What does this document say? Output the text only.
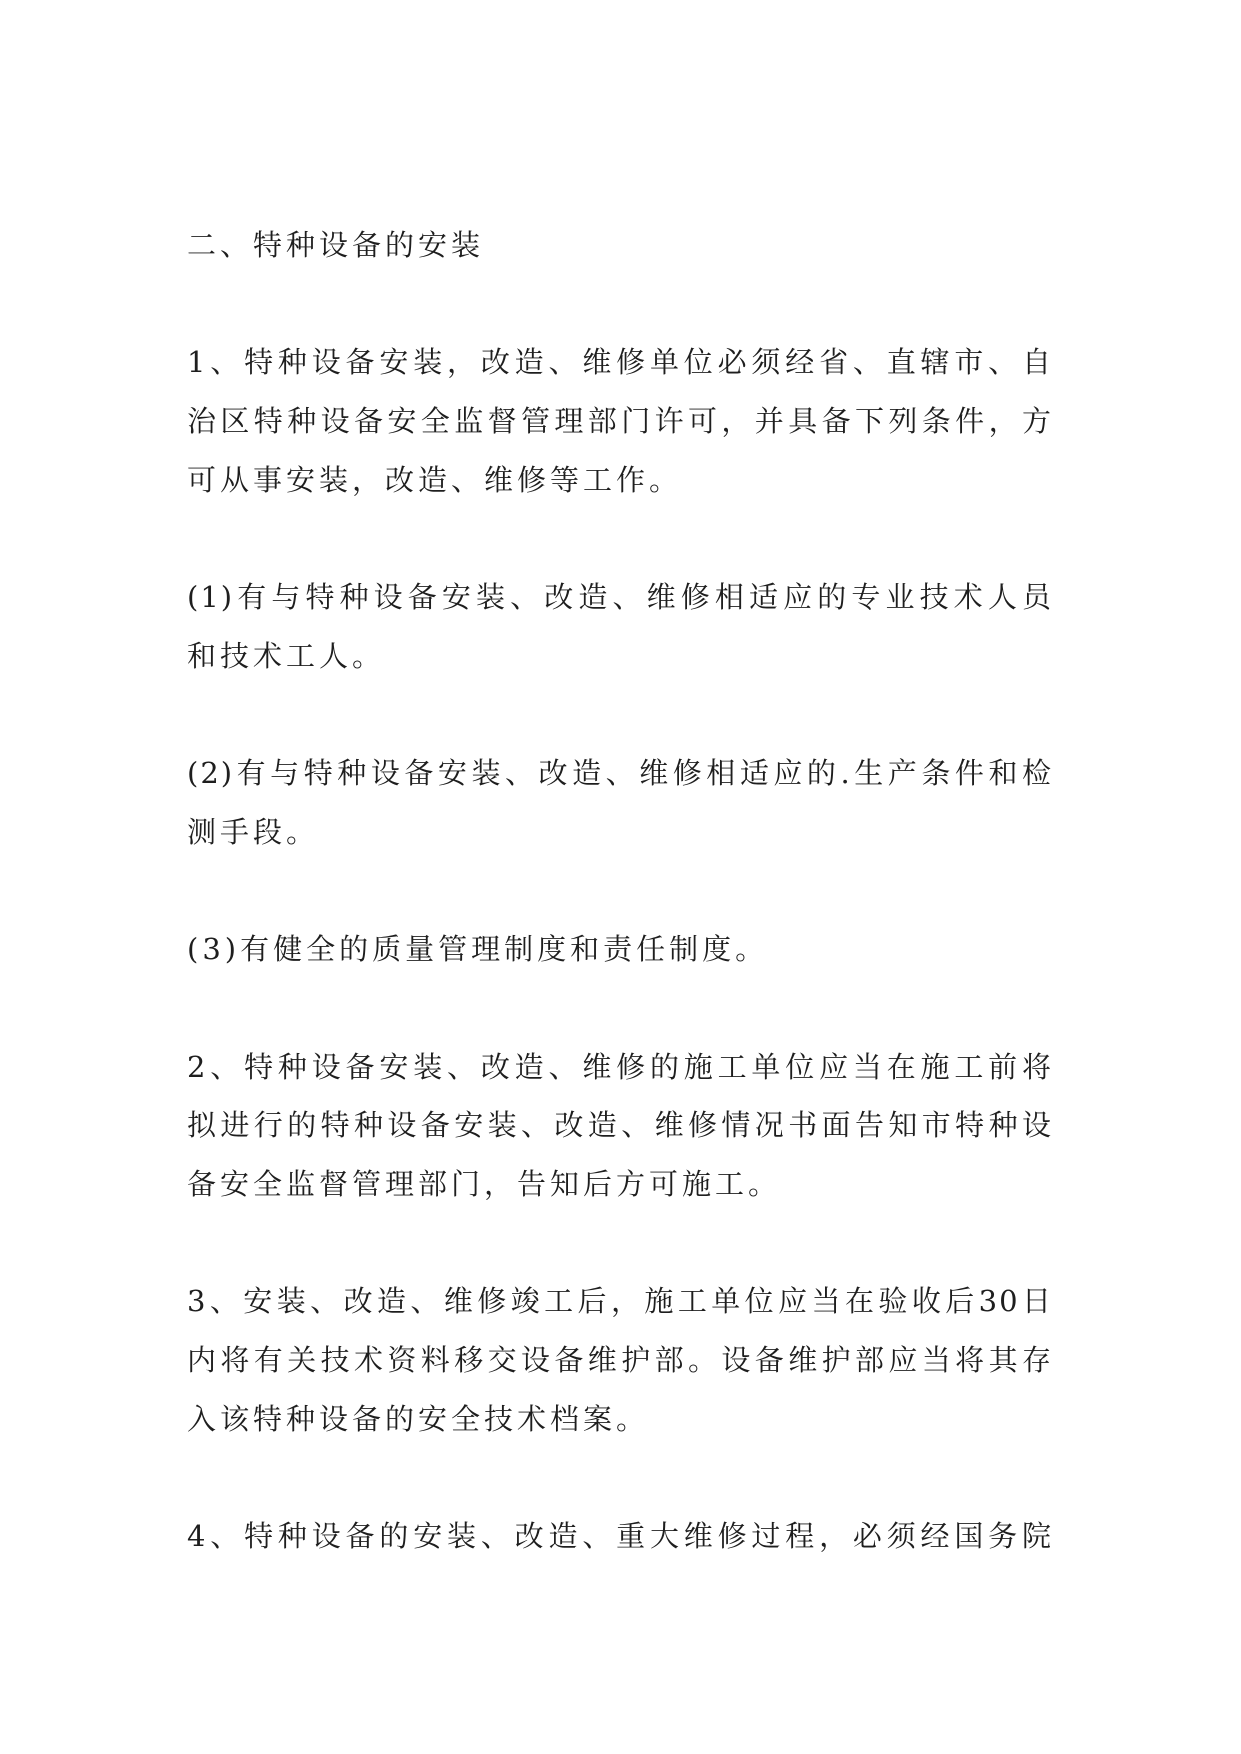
二、特种设备的安装
1、特种设备安装，改造、维修单位必须经省、直辖市、自
治区特种设备安全监督管理部门许可，并具备下列条件，方
可从事安装，改造、维修等工作。
(1)有与特种设备安装、改造、维修相适应的专业技术人员
和技术工人。
(2)有与特种设备安装、改造、维修相适应的.生产条件和检
测手段。
(3)有健全的质量管理制度和责任制度。
2、特种设备安装、改造、维修的施工单位应当在施工前将
拟进行的特种设备安装、改造、维修情况书面告知市特种设
备安全监督管理部门，告知后方可施工。
3、安装、改造、维修竣工后，施工单位应当在验收后30日
内将有关技术资料移交设备维护部。设备维护部应当将其存
入该特种设备的安全技术档案。
4、特种设备的安装、改造、重大维修过程，必须经国务院
